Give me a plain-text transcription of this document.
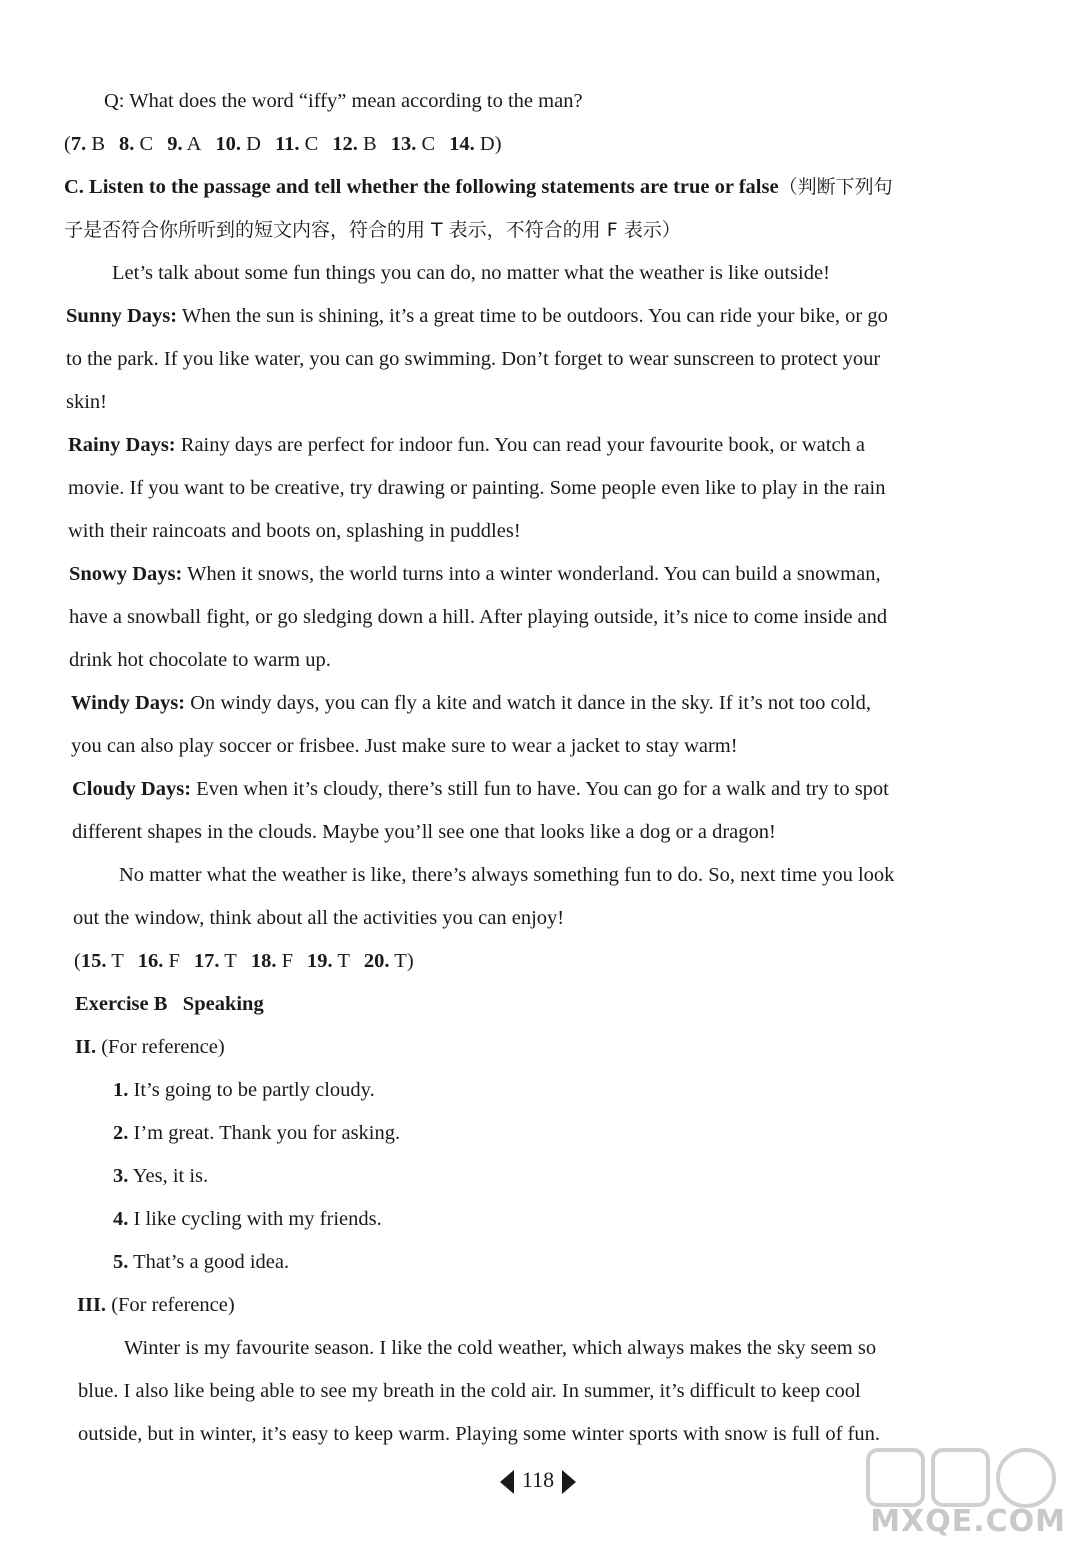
Q: What does the word “iffy” mean according to the man?
(7. B 8. C 9. A 10. D 11. C 12. B 13. C 14. D)
C. Listen to the passage and tell whether the following statements are true or false（判断下列句
子是否符合你所听到的短文内容，符合的用 T 表示，不符合的用 F 表示）
Let’s talk about some fun things you can do, no matter what the weather is like outside!
Sunny Days: When the sun is shining, it’s a great time to be outdoors. You can ride your bike, or go
to the park. If you like water, you can go swimming. Don’t forget to wear sunscreen to protect your
skin!
Rainy Days: Rainy days are perfect for indoor fun. You can read your favourite book, or watch a
movie. If you want to be creative, try drawing or painting. Some people even like to play in the rain
with their raincoats and boots on, splashing in puddles!
Snowy Days: When it snows, the world turns into a winter wonderland. You can build a snowman,
have a snowball fight, or go sledging down a hill. After playing outside, it’s nice to come inside and
drink hot chocolate to warm up.
Windy Days: On windy days, you can fly a kite and watch it dance in the sky. If it’s not too cold,
you can also play soccer or frisbee. Just make sure to wear a jacket to stay warm!
Cloudy Days: Even when it’s cloudy, there’s still fun to have. You can go for a walk and try to spot
different shapes in the clouds. Maybe you’ll see one that looks like a dog or a dragon!
No matter what the weather is like, there’s always something fun to do. So, next time you look
out the window, think about all the activities you can enjoy!
(15. T 16. F 17. T 18. F 19. T 20. T)
Exercise B Speaking
II. (For reference)
1. It’s going to be partly cloudy.
2. I’m great. Thank you for asking.
3. Yes, it is.
4. I like cycling with my friends.
5. That’s a good idea.
III. (For reference)
Winter is my favourite season. I like the cold weather, which always makes the sky seem so
blue. I also like being able to see my breath in the cold air. In summer, it’s difficult to keep cool
outside, but in winter, it’s easy to keep warm. Playing some winter sports with snow is full of fun.
118
MXQE.COM
